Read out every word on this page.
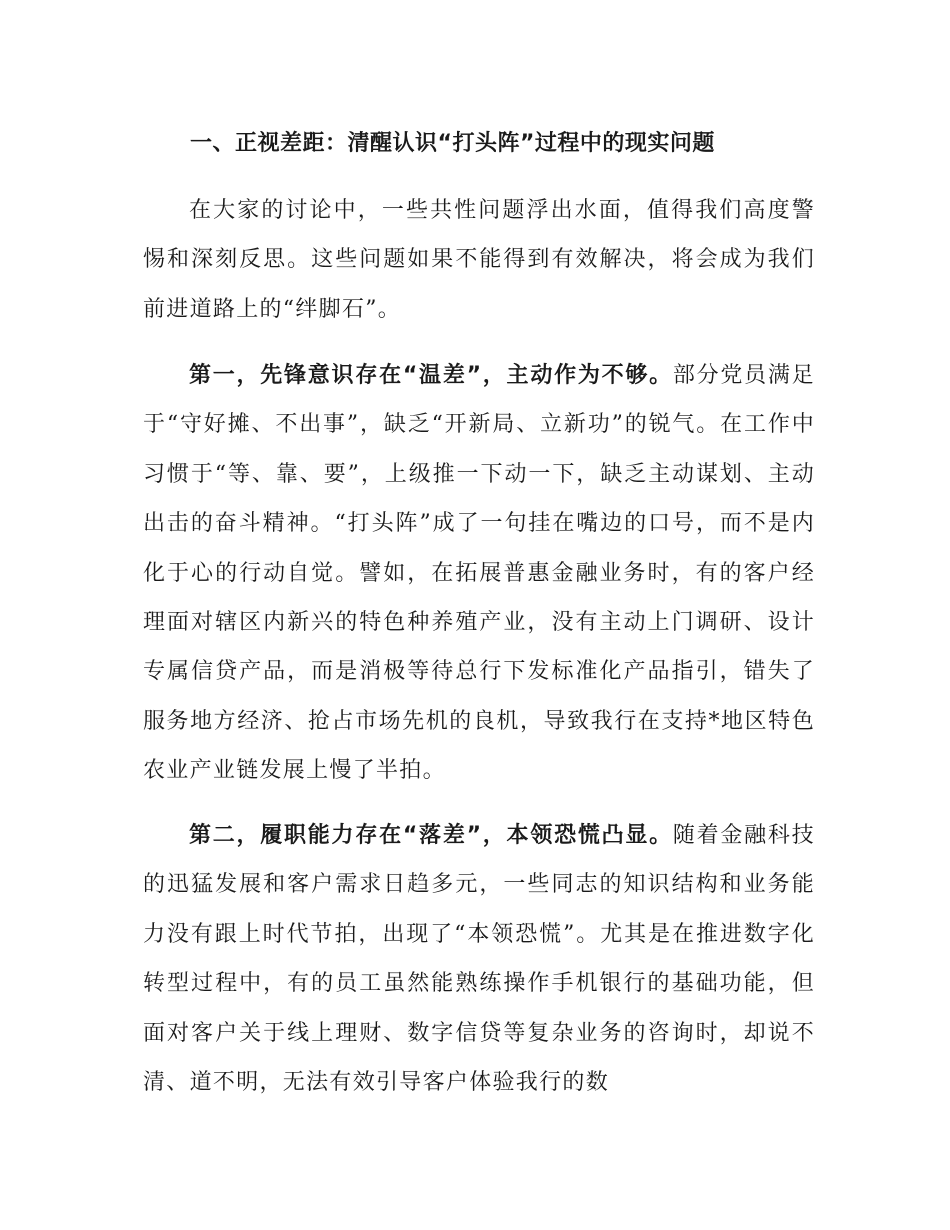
一、正视差距：清醒认识“打头阵”过程中的现实问题

在大家的讨论中，一些共性问题浮出水面，值得我们高度警惕和深刻反思。这些问题如果不能得到有效解决，将会成为我们前进道路上的“绊脚石”。

第一，先锋意识存在“温差”，主动作为不够。部分党员满足于“守好摊、不出事”，缺乏“开新局、立新功”的锐气。在工作中习惯于“等、靠、要”，上级推一下动一下，缺乏主动谋划、主动出击的奋斗精神。“打头阵”成了一句挂在嘴边的口号，而不是内化于心的行动自觉。譬如，在拓展普惠金融业务时，有的客户经理面对辖区内新兴的特色种养殖产业，没有主动上门调研、设计专属信贷产品，而是消极等待总行下发标准化产品指引，错失了服务地方经济、抢占市场先机的良机，导致我行在支持*地区特色农业产业链发展上慢了半拍。

第二，履职能力存在“落差”，本领恐慌凸显。随着金融科技的迅猛发展和客户需求日趋多元，一些同志的知识结构和业务能力没有跟上时代节拍，出现了“本领恐慌”。尤其是在推进数字化转型过程中，有的员工虽然能熟练操作手机银行的基础功能，但面对客户关于线上理财、数字信贷等复杂业务的咨询时，却说不清、道不明，无法有效引导客户体验我行的数
